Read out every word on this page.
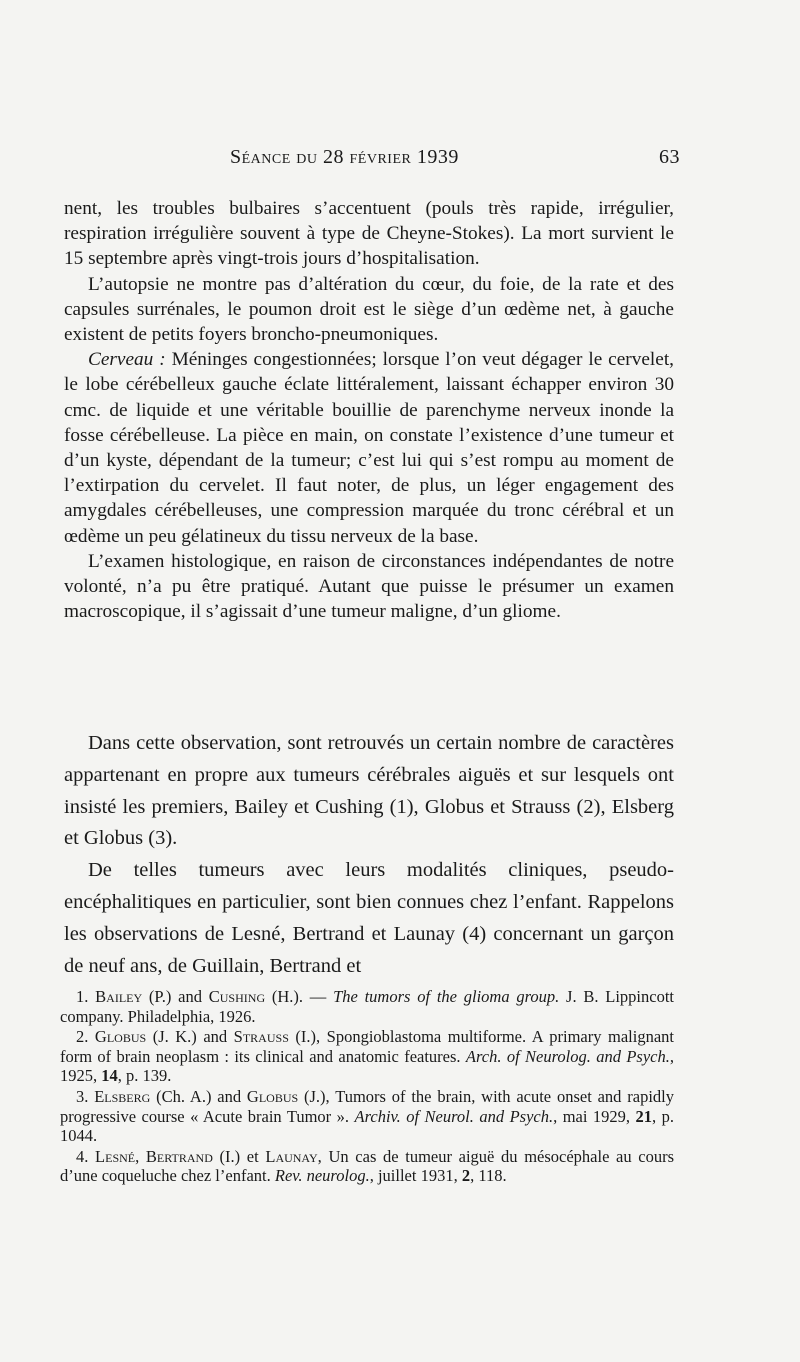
Séance du 28 février 1939	63

nent, les troubles bulbaires s’accentuent (pouls très rapide, irrégulier, respiration irrégulière souvent à type de Cheyne-Stokes). La mort survient le 15 septembre après vingt-trois jours d’hospitalisation.

L’autopsie ne montre pas d’altération du cœur, du foie, de la rate et des capsules surrénales, le poumon droit est le siège d’un œdème net, à gauche existent de petits foyers broncho-pneumoniques.

Cerveau : Méninges congestionnées; lorsque l’on veut dégager le cervelet, le lobe cérébelleux gauche éclate littéralement, laissant échapper environ 30 cmc. de liquide et une véritable bouillie de parenchyme nerveux inonde la fosse cérébelleuse. La pièce en main, on constate l’existence d’une tumeur et d’un kyste, dépendant de la tumeur; c’est lui qui s’est rompu au moment de l’extirpation du cervelet. Il faut noter, de plus, un léger engagement des amygdales cérébelleuses, une compression marquée du tronc cérébral et un œdème un peu gélatineux du tissu nerveux de la base.

L’examen histologique, en raison de circonstances indépendantes de notre volonté, n’a pu être pratiqué. Autant que puisse le présumer un examen macroscopique, il s’agissait d’une tumeur maligne, d’un gliome.

Dans cette observation, sont retrouvés un certain nombre de caractères appartenant en propre aux tumeurs cérébrales aiguës et sur lesquels ont insisté les premiers, Bailey et Cushing (1), Globus et Strauss (2), Elsberg et Globus (3).

De telles tumeurs avec leurs modalités cliniques, pseudo-encéphalitiques en particulier, sont bien connues chez l’enfant. Rappelons les observations de Lesné, Bertrand et Launay (4) concernant un garçon de neuf ans, de Guillain, Bertrand et

1. Bailey (P.) and Cushing (H.). — The tumors of the glioma group. J. B. Lippincott company. Philadelphia, 1926.

2. Globus (J. K.) and Strauss (I.), Spongioblastoma multiforme. A primary malignant form of brain neoplasm : its clinical and anatomic features. Arch. of Neurolog. and Psych., 1925, 14, p. 139.

3. Elsberg (Ch. A.) and Globus (J.), Tumors of the brain, with acute onset and rapidly progressive course « Acute brain Tumor ». Archiv. of Neurol. and Psych., mai 1929, 21, p. 1044.

4. Lesné, Bertrand (I.) et Launay, Un cas de tumeur aiguë du mésocéphale au cours d’une coqueluche chez l’enfant. Rev. neurolog., juillet 1931, 2, 118.
